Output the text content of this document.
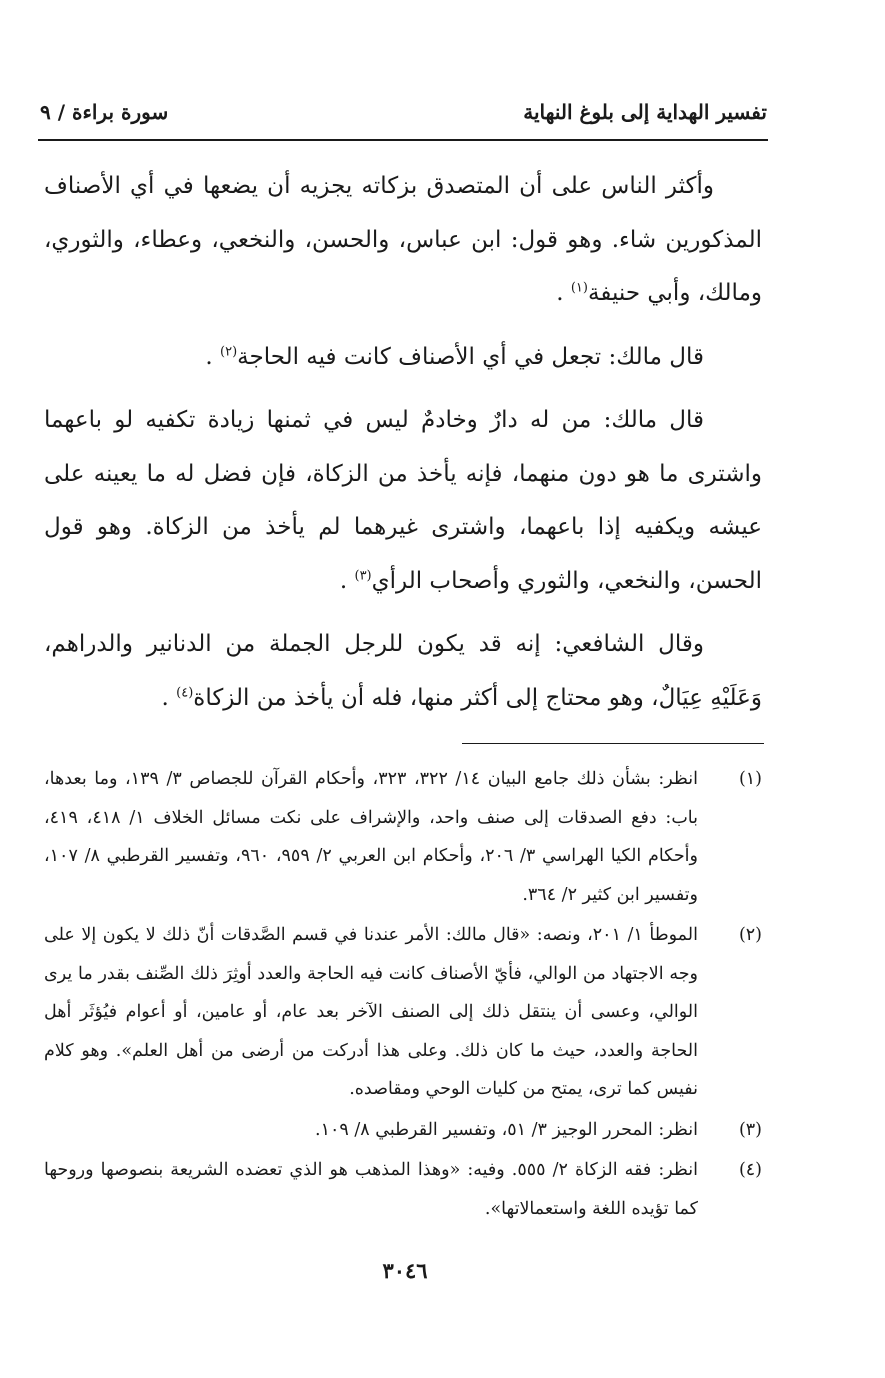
تفسير الهداية إلى بلوغ النهاية
سورة براءة / ٩

وأكثر الناس على أن المتصدق بزكاته يجزيه أن يضعها في أي الأصناف المذكورين شاء. وهو قول: ابن عباس، والحسن، والنخعي، وعطاء، والثوري، ومالك، وأبي حنيفة$^{(١)}$ .

قال مالك: تجعل في أي الأصناف كانت فيه الحاجة$^{(٢)}$ .

قال مالك: من له دارٌ وخادمٌ ليس في ثمنها زيادة تكفيه لو باعهما واشترى ما هو دون منهما، فإنه يأخذ من الزكاة، فإن فضل له ما يعينه على عيشه ويكفيه إذا باعهما، واشترى غيرهما لم يأخذ من الزكاة. وهو قول الحسن، والنخعي، والثوري وأصحاب الرأي$^{(٣)}$ .

وقال الشافعي: إنه قد يكون للرجل الجملة من الدنانير والدراهم، وَعَلَيْهِ عِيَالٌ، وهو محتاج إلى أكثر منها، فله أن يأخذ من الزكاة$^{(٤)}$ .

(١)
انظر: بشأن ذلك جامع البيان ١٤/ ٣٢٢، ٣٢٣، وأحكام القرآن للجصاص ٣/ ١٣٩، وما بعدها، باب: دفع الصدقات إلى صنف واحد، والإشراف على نكت مسائل الخلاف ١/ ٤١٨، ٤١٩، وأحكام الكيا الهراسي ٣/ ٢٠٦، وأحكام ابن العربي ٢/ ٩٥٩، ٩٦٠، وتفسير القرطبي ٨/ ١٠٧، وتفسير ابن كثير ٢/ ٣٦٤.
(٢)
الموطأ ١/ ٢٠١، ونصه: «قال مالك: الأمر عندنا في قسم الصَّدقات أنّ ذلك لا يكون إلا على وجه الاجتهاد من الوالي، فأيّ الأصناف كانت فيه الحاجة والعدد أوثِرَ ذلك الصِّنف بقدر ما يرى الوالي، وعسى أن ينتقل ذلك إلى الصنف الآخر بعد عام، أو عامين، أو أعوام فيُؤثَر أهل الحاجة والعدد، حيث ما كان ذلك. وعلى هذا أدركت من أرضى من أهل العلم». وهو كلام نفيس كما ترى، يمتح من كليات الوحي ومقاصده.
(٣)
انظر: المحرر الوجيز ٣/ ٥١، وتفسير القرطبي ٨/ ١٠٩.
(٤)
انظر: فقه الزكاة ٢/ ٥٥٥. وفيه: «وهذا المذهب هو الذي تعضده الشريعة بنصوصها وروحها كما تؤيده اللغة واستعمالاتها».
٣٠٤٦
